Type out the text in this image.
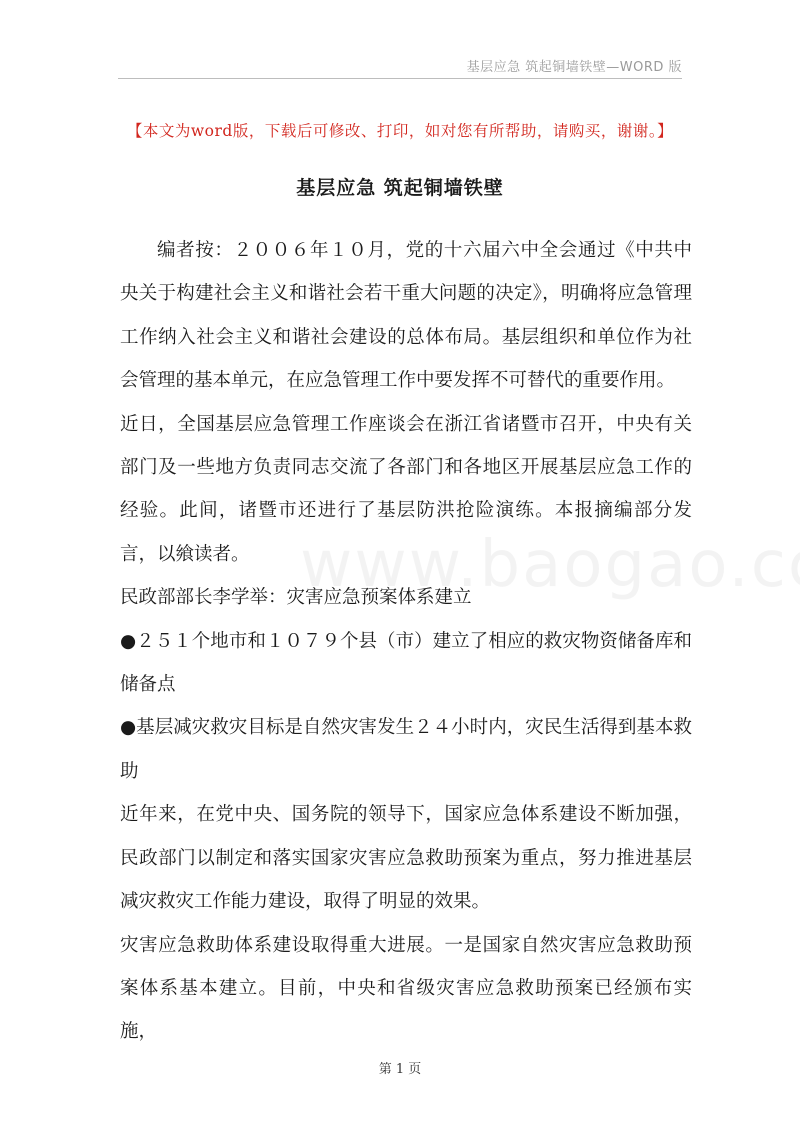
基层应急 筑起铜墙铁壁—WORD 版
【本文为word版，下载后可修改、打印，如对您有所帮助，请购买，谢谢。】
基层应急 筑起铜墙铁壁

编者按：２００６年１０月，党的十六届六中全会通过《中共中央关于构建社会主义和谐社会若干重大问题的决定》，明确将应急管理工作纳入社会主义和谐社会建设的总体布局。基层组织和单位作为社会管理的基本单元，在应急管理工作中要发挥不可替代的重要作用。

近日，全国基层应急管理工作座谈会在浙江省诸暨市召开，中央有关部门及一些地方负责同志交流了各部门和各地区开展基层应急工作的经验。此间，诸暨市还进行了基层防洪抢险演练。本报摘编部分发言，以飨读者。

民政部部长李学举：灾害应急预案体系建立

●２５１个地市和１０７９个县（市）建立了相应的救灾物资储备库和储备点

●基层减灾救灾目标是自然灾害发生２４小时内，灾民生活得到基本救助

近年来，在党中央、国务院的领导下，国家应急体系建设不断加强，民政部门以制定和落实国家灾害应急救助预案为重点，努力推进基层减灾救灾工作能力建设，取得了明显的效果。

灾害应急救助体系建设取得重大进展。一是国家自然灾害应急救助预案体系基本建立。目前，中央和省级灾害应急救助预案已经颁布实施，

第 1 页
